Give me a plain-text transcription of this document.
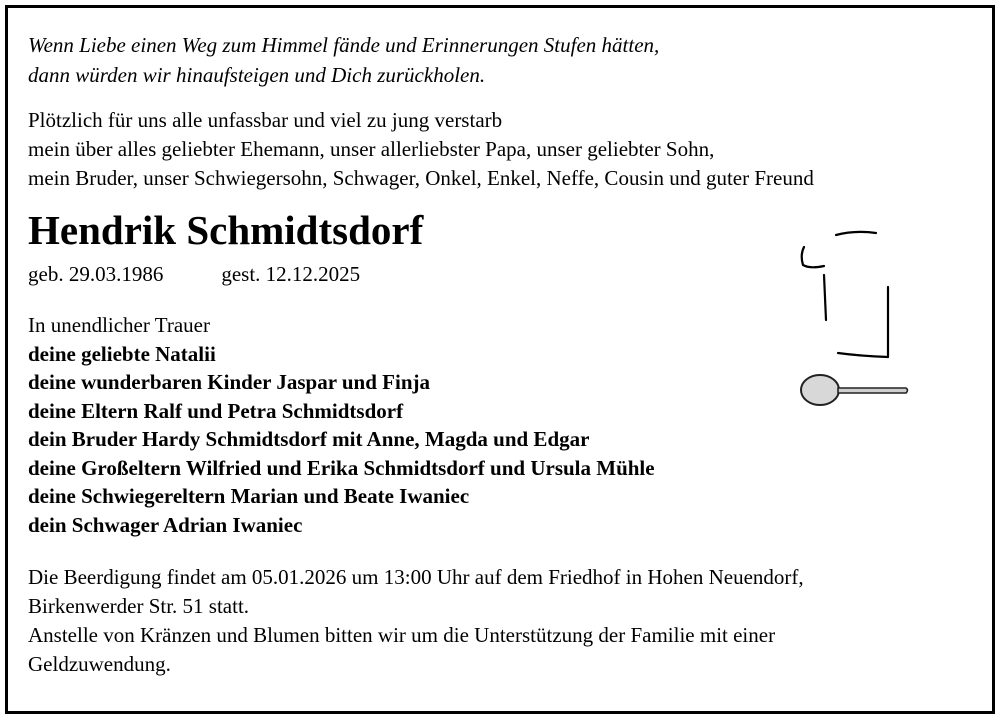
Wenn Liebe einen Weg zum Himmel fände und Erinnerungen Stufen hätten,
dann würden wir hinaufsteigen und Dich zurückholen.
Plötzlich für uns alle unfassbar und viel zu jung verstarb
mein über alles geliebter Ehemann, unser allerliebster Papa, unser geliebter Sohn,
mein Bruder, unser Schwiegersohn, Schwager, Onkel, Enkel, Neffe, Cousin und guter Freund
Hendrik Schmidtsdorf
geb. 29.03.1986	gest. 12.12.2025
In unendlicher Trauer
deine geliebte Natalii
deine wunderbaren Kinder Jaspar und Finja
deine Eltern Ralf und Petra Schmidtsdorf
dein Bruder Hardy Schmidtsdorf mit Anne, Magda und Edgar
deine Großeltern Wilfried und Erika Schmidtsdorf und Ursula Mühle
deine Schwiegereltern Marian und Beate Iwaniec
dein Schwager Adrian Iwaniec
Die Beerdigung findet am 05.01.2026 um 13:00 Uhr auf dem Friedhof in Hohen Neuendorf,
Birkenwerder Str. 51 statt.
Anstelle von Kränzen und Blumen bitten wir um die Unterstützung der Familie mit einer
Geldzuwendung.
